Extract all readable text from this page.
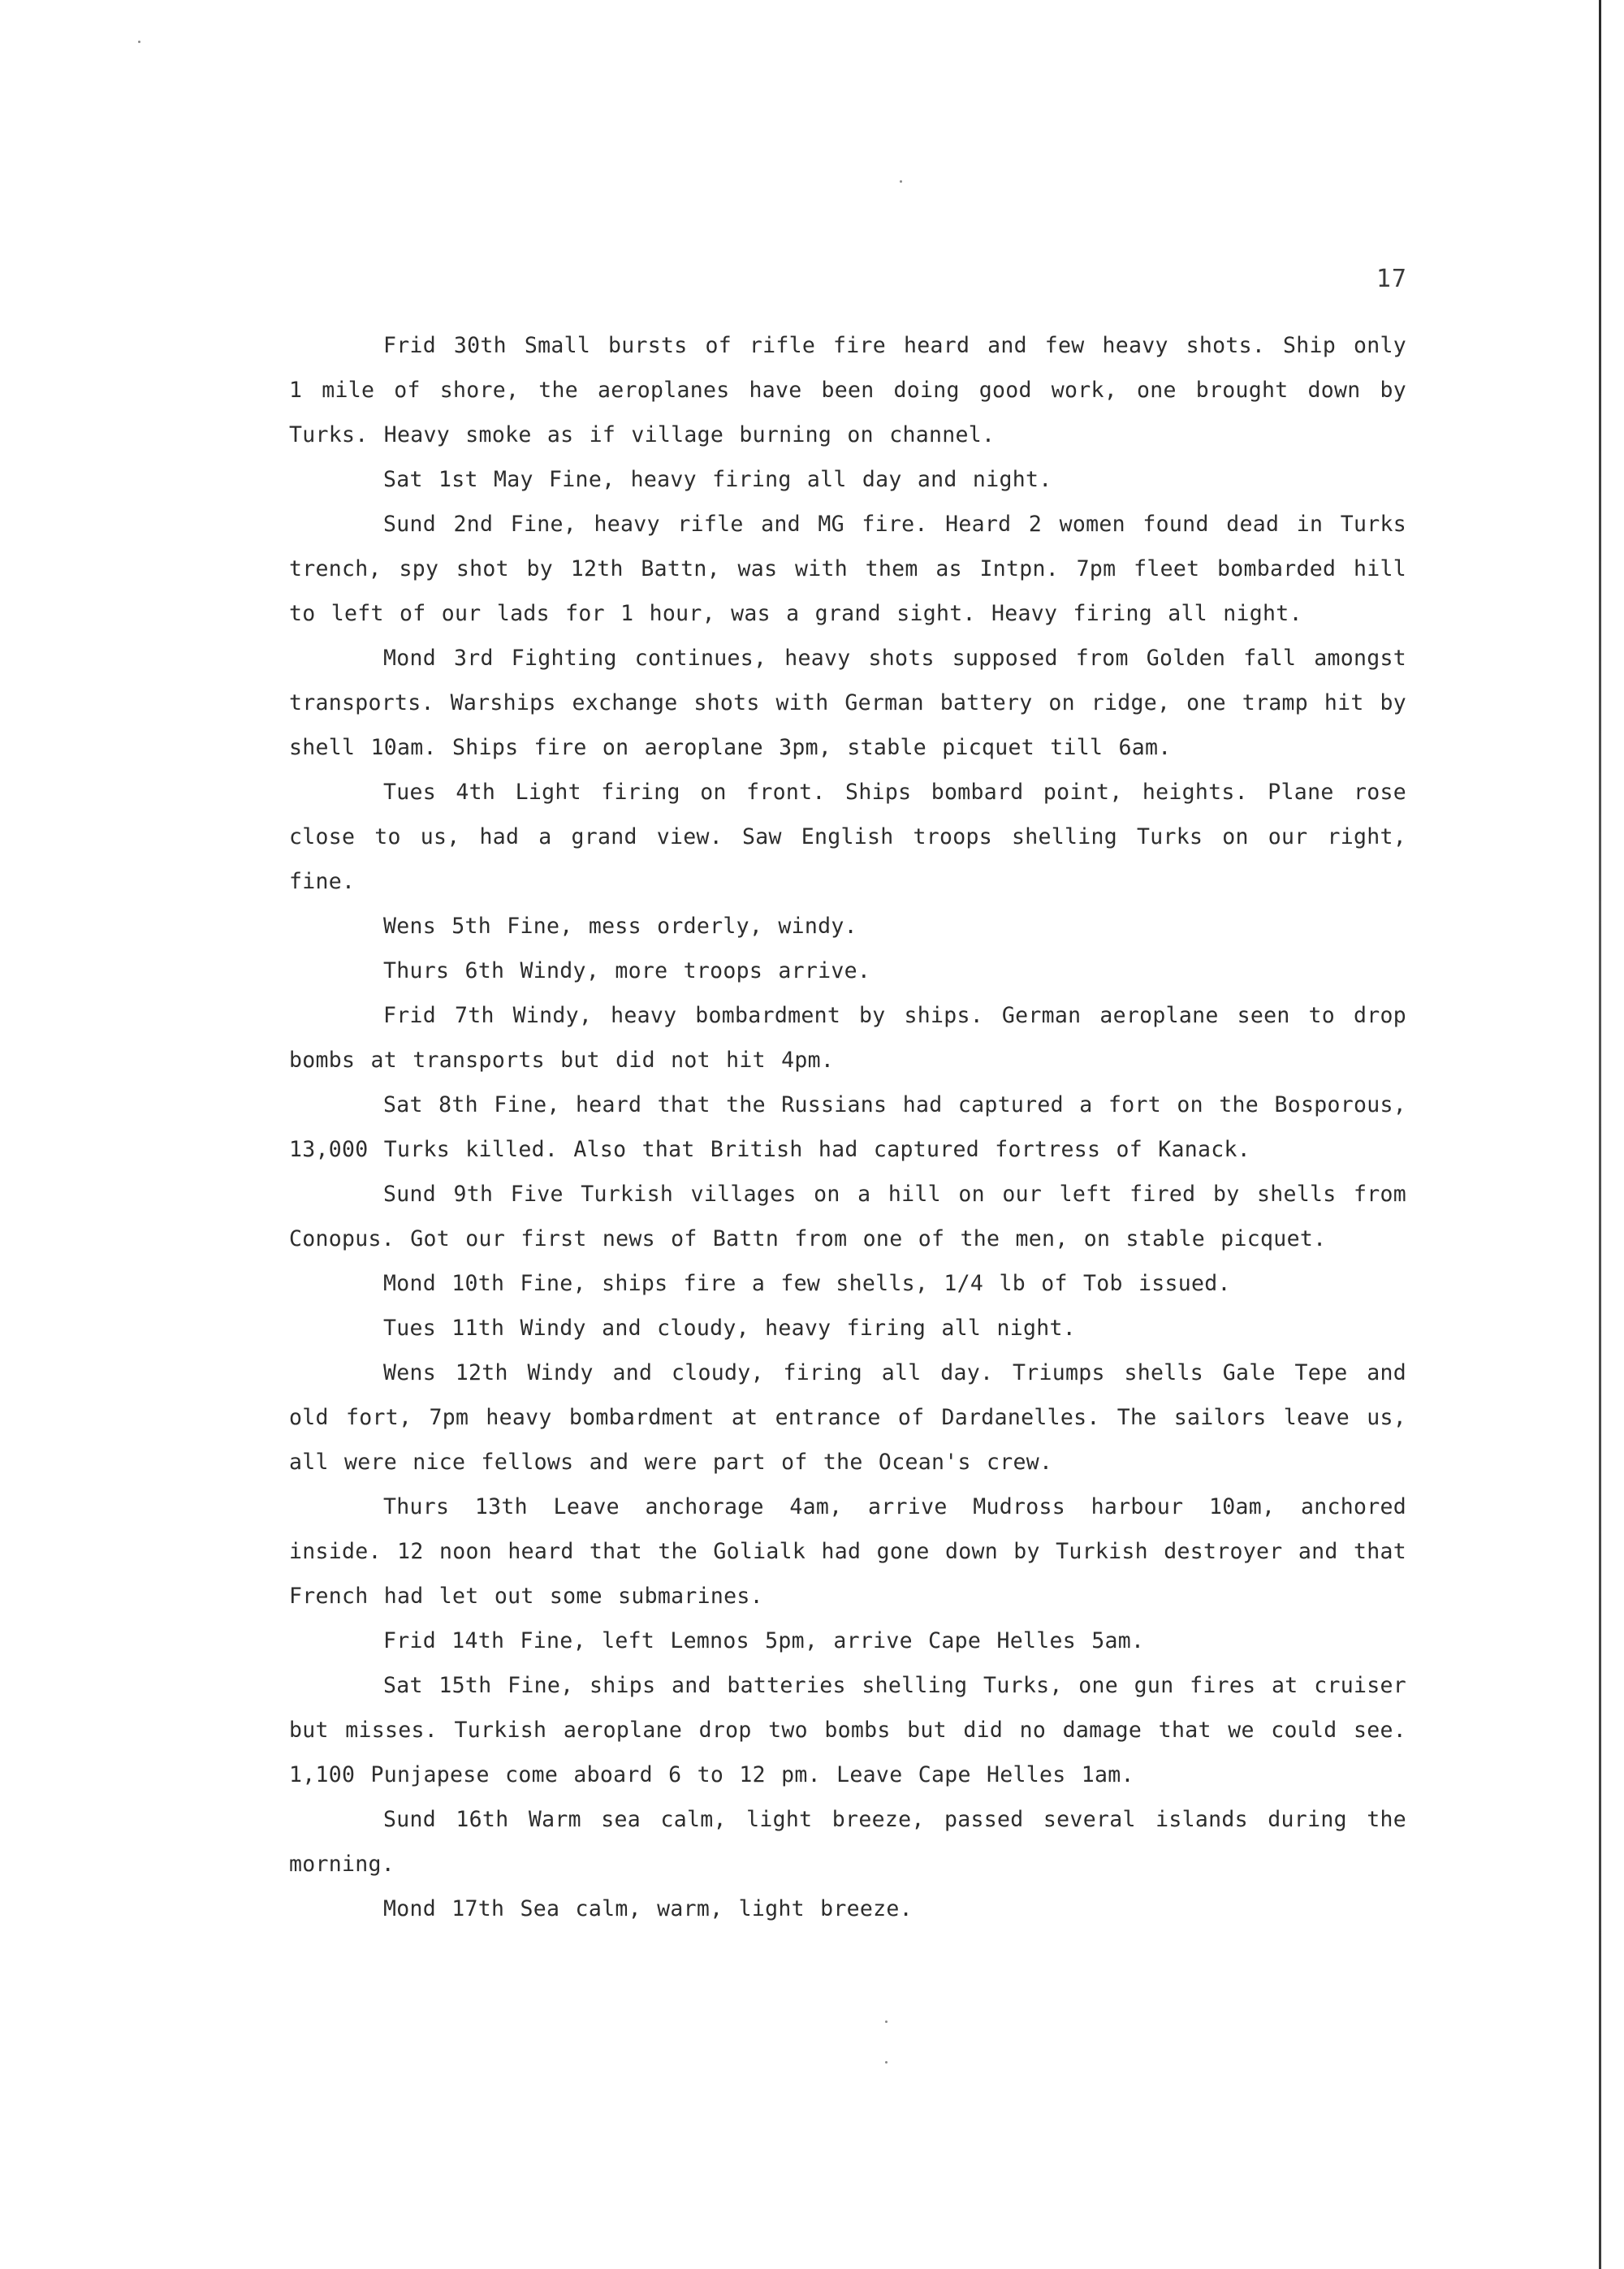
17

Frid 30th Small bursts of rifle fire heard and few heavy shots. Ship only 1 mile of shore, the aeroplanes have been doing good work, one brought down by Turks. Heavy smoke as if village burning on channel.

Sat 1st May Fine, heavy firing all day and night.

Sund 2nd Fine, heavy rifle and MG fire. Heard 2 women found dead in Turks trench, spy shot by 12th Battn, was with them as Intpn. 7pm fleet bombarded hill to left of our lads for 1 hour, was a grand sight. Heavy firing all night.

Mond 3rd Fighting continues, heavy shots supposed from Golden fall amongst transports. Warships exchange shots with German battery on ridge, one tramp hit by shell 10am. Ships fire on aeroplane 3pm, stable picquet till 6am.

Tues 4th Light firing on front. Ships bombard point, heights. Plane rose close to us, had a grand view. Saw English troops shelling Turks on our right, fine.

Wens 5th Fine, mess orderly, windy.

Thurs 6th Windy, more troops arrive.

Frid 7th Windy, heavy bombardment by ships. German aeroplane seen to drop bombs at transports but did not hit 4pm.

Sat 8th Fine, heard that the Russians had captured a fort on the Bosporous, 13,000 Turks killed. Also that British had captured fortress of Kanack.

Sund 9th Five Turkish villages on a hill on our left fired by shells from Conopus. Got our first news of Battn from one of the men, on stable picquet.

Mond 10th Fine, ships fire a few shells, 1/4 lb of Tob issued.

Tues 11th Windy and cloudy, heavy firing all night.

Wens 12th Windy and cloudy, firing all day. Triumps shells Gale Tepe and old fort, 7pm heavy bombardment at entrance of Dardanelles. The sailors leave us, all were nice fellows and were part of the Ocean's crew.

Thurs 13th Leave anchorage 4am, arrive Mudross harbour 10am, anchored inside. 12 noon heard that the Golialk had gone down by Turkish destroyer and that French had let out some submarines.

Frid 14th Fine, left Lemnos 5pm, arrive Cape Helles 5am.

Sat 15th Fine, ships and batteries shelling Turks, one gun fires at cruiser but misses. Turkish aeroplane drop two bombs but did no damage that we could see. 1,100 Punjapese come aboard 6 to 12 pm. Leave Cape Helles 1am.

Sund 16th Warm sea calm, light breeze, passed several islands during the morning.

Mond 17th Sea calm, warm, light breeze.
